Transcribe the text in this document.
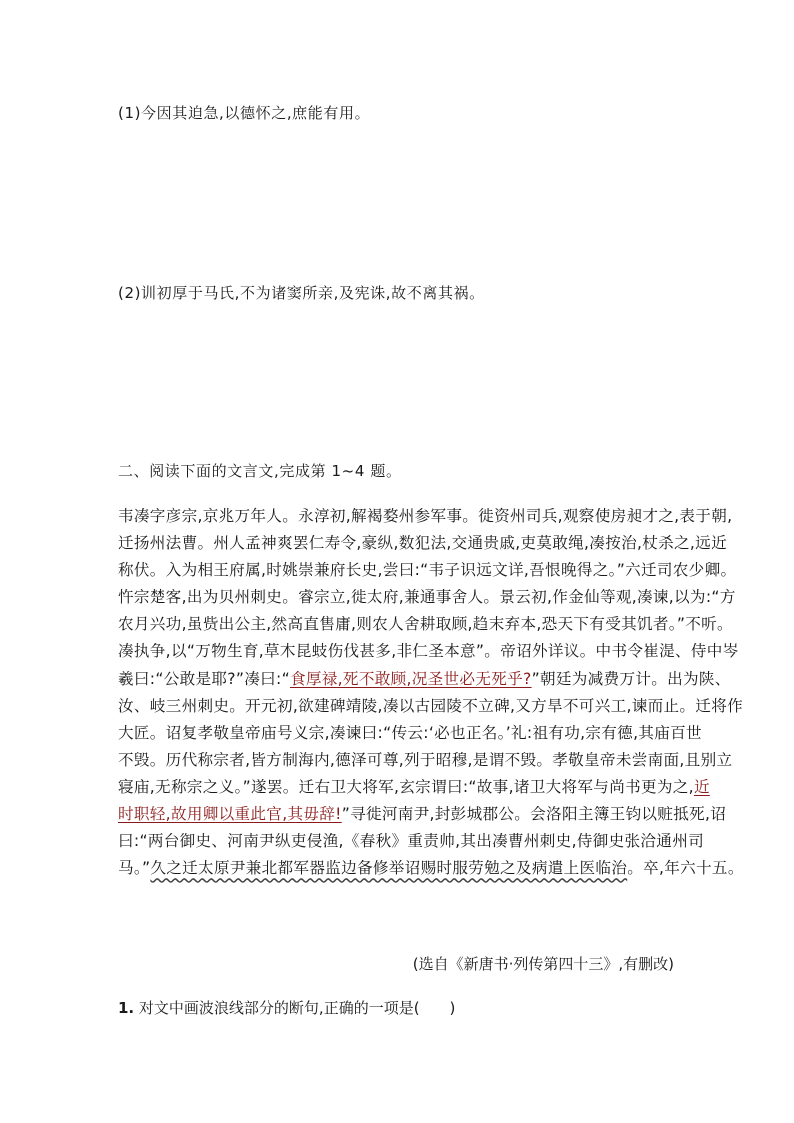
(1)今因其迫急,以德怀之,庶能有用。
(2)训初厚于马氏,不为诸窦所亲,及宪诛,故不离其祸。
二、阅读下面的文言文,完成第 1~4 题。
韦凑字彦宗,京兆万年人。永淳初,解褐婺州参军事。徙资州司兵,观察使房昶才之,表于朝,
迁扬州法曹。州人孟神爽罢仁寿令,豪纵,数犯法,交通贵戚,吏莫敢绳,凑按治,杖杀之,远近
称伏。入为相王府属,时姚崇兼府长史,尝曰:“韦子识远文详,吾恨晚得之。”六迁司农少卿。
忤宗楚客,出为贝州刺史。睿宗立,徙太府,兼通事舍人。景云初,作金仙等观,凑谏,以为:“方
农月兴功,虽赀出公主,然高直售庸,则农人舍耕取顾,趋末弃本,恐天下有受其饥者。”不听。
凑执争,以“万物生育,草木昆蚑伤伐甚多,非仁圣本意”。帝诏外详议。中书令崔湜、侍中岑
羲曰:“公敢是耶?”凑曰:“食厚禄,死不敢顾,况圣世必无死乎?”朝廷为减费万计。出为陕、
汝、岐三州刺史。开元初,欲建碑靖陵,凑以古园陵不立碑,又方旱不可兴工,谏而止。迁将作
大匠。诏复孝敬皇帝庙号义宗,凑谏曰:“传云:‘必也正名。’礼:祖有功,宗有德,其庙百世
不毁。历代称宗者,皆方制海内,德泽可尊,列于昭穆,是谓不毁。孝敬皇帝未尝南面,且别立
寝庙,无称宗之义。”遂罢。迁右卫大将军,玄宗谓曰:“故事,诸卫大将军与尚书更为之,近
时职轻,故用卿以重此官,其毋辞!”寻徙河南尹,封彭城郡公。会洛阳主簿王钧以赃抵死,诏
曰:“两台御史、河南尹纵吏侵渔,《春秋》重责帅,其出凑曹州刺史,侍御史张洽通州司
马。”久之迁太原尹兼北都军器监边备修举诏赐时服劳勉之及病遣上医临治。卒,年六十五。
(选自《新唐书·列传第四十三》,有删改)
1. 对文中画波浪线部分的断句,正确的一项是(　　)
